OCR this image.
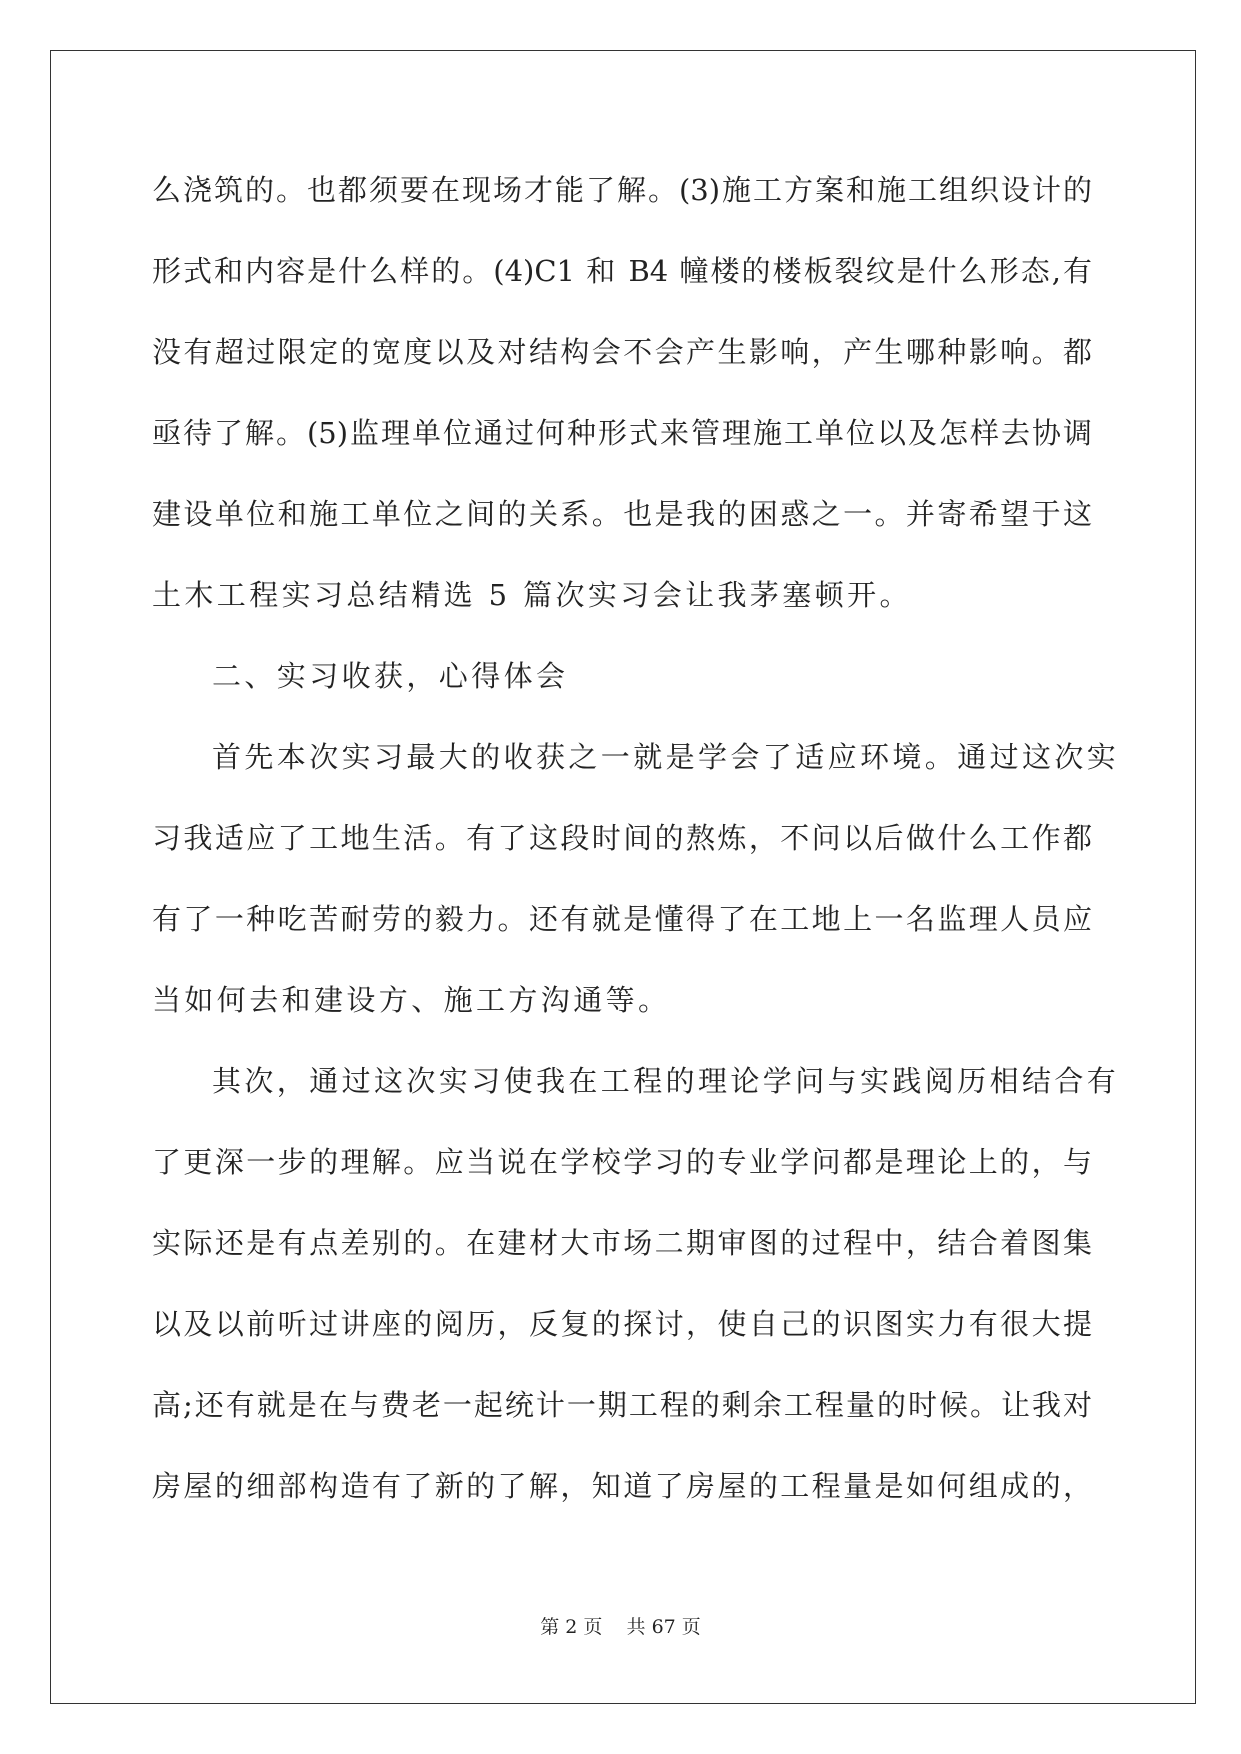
么浇筑的。也都须要在现场才能了解。(3)施工方案和施工组织设计的
形式和内容是什么样的。(4)C1 和 B4 幢楼的楼板裂纹是什么形态,有
没有超过限定的宽度以及对结构会不会产生影响，产生哪种影响。都
亟待了解。(5)监理单位通过何种形式来管理施工单位以及怎样去协调
建设单位和施工单位之间的关系。也是我的困惑之一。并寄希望于这
土木工程实习总结精选 5 篇次实习会让我茅塞顿开。
二、实习收获，心得体会
首先本次实习最大的收获之一就是学会了适应环境。通过这次实
习我适应了工地生活。有了这段时间的熬炼，不问以后做什么工作都
有了一种吃苦耐劳的毅力。还有就是懂得了在工地上一名监理人员应
当如何去和建设方、施工方沟通等。
其次，通过这次实习使我在工程的理论学问与实践阅历相结合有
了更深一步的理解。应当说在学校学习的专业学问都是理论上的，与
实际还是有点差别的。在建材大市场二期审图的过程中，结合着图集
以及以前听过讲座的阅历，反复的探讨，使自己的识图实力有很大提
高;还有就是在与费老一起统计一期工程的剩余工程量的时候。让我对
房屋的细部构造有了新的了解，知道了房屋的工程量是如何组成的，
第 2 页    共 67 页
